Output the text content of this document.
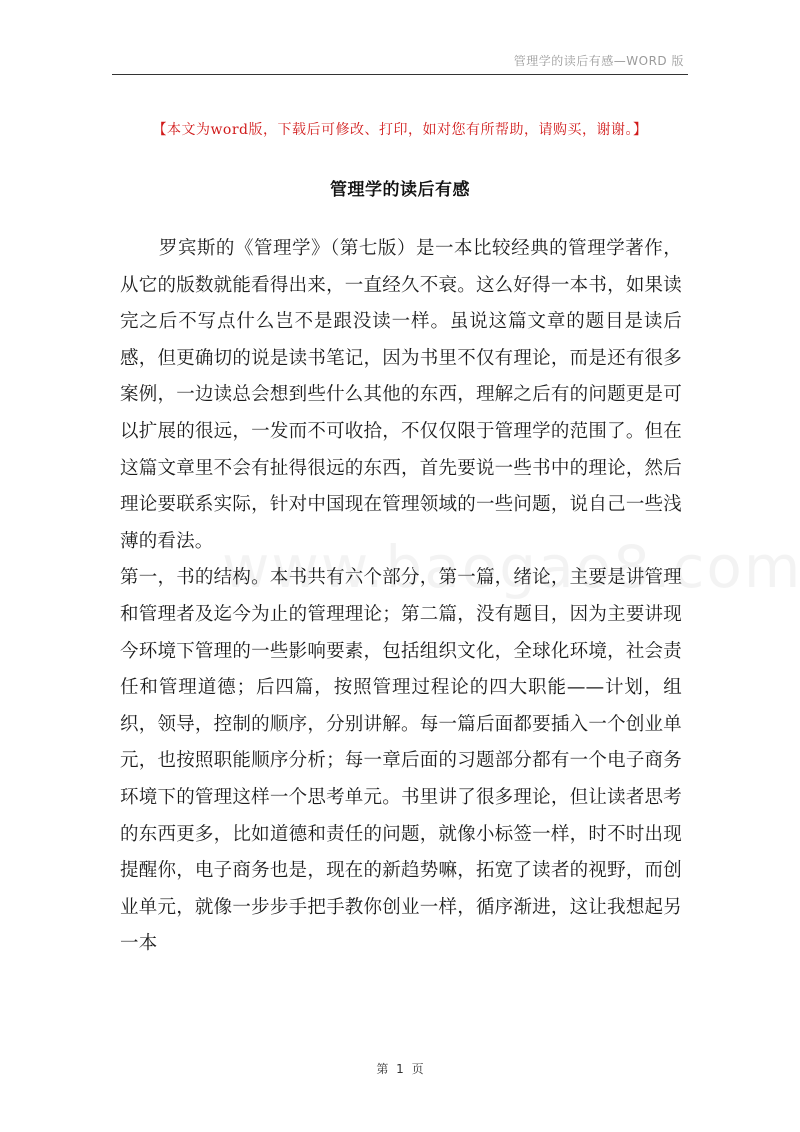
管理学的读后有感—WORD 版
【本文为word版，下载后可修改、打印，如对您有所帮助，请购买，谢谢。】
管理学的读后有感

罗宾斯的《管理学》（第七版）是一本比较经典的管理学著作，从它的版数就能看得出来，一直经久不衰。这么好得一本书，如果读完之后不写点什么岂不是跟没读一样。虽说这篇文章的题目是读后感，但更确切的说是读书笔记，因为书里不仅有理论，而是还有很多案例，一边读总会想到些什么其他的东西，理解之后有的问题更是可以扩展的很远，一发而不可收拾，不仅仅限于管理学的范围了。但在这篇文章里不会有扯得很远的东西，首先要说一些书中的理论，然后理论要联系实际，针对中国现在管理领域的一些问题，说自己一些浅薄的看法。

第一，书的结构。本书共有六个部分，第一篇，绪论，主要是讲管理和管理者及迄今为止的管理理论；第二篇，没有题目，因为主要讲现今环境下管理的一些影响要素，包括组织文化，全球化环境，社会责任和管理道德；后四篇，按照管理过程论的四大职能——计划，组织，领导，控制的顺序，分别讲解。每一篇后面都要插入一个创业单元，也按照职能顺序分析；每一章后面的习题部分都有一个电子商务环境下的管理这样一个思考单元。书里讲了很多理论，但让读者思考的东西更多，比如道德和责任的问题，就像小标签一样，时不时出现提醒你，电子商务也是，现在的新趋势嘛，拓宽了读者的视野，而创业单元，就像一步步手把手教你创业一样，循序渐进，这让我想起另一本

第 1 页
